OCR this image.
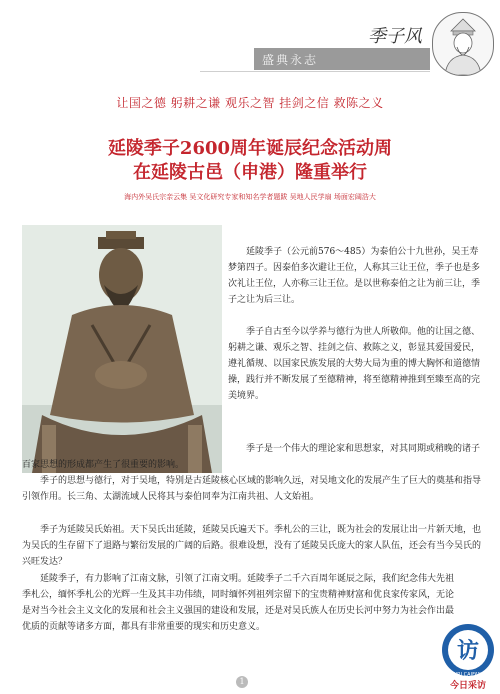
季子风
盛典永志
让国之德 躬耕之谦 观乐之智 挂剑之信 救陈之义
延陵季子2600周年诞辰纪念活动周
在延陵古邑（申港）隆重举行
海内外吴氏宗亲云集 吴文化研究专家和知名学者题跋 吴地人民学扇 场面宏阔浩大
延陵季子（公元前576～485）为泰伯公十九世孙，吴王寿梦第四子。因泰伯多次避让王位，人称其三让王位，季子也是多次礼让王位，人亦称三让王位。是以世称泰伯之让为前三让，季子之让为后三让。
季子自古至今以学养与德行为世人所敬仰。他的让国之德、躬耕之谦、观乐之智、挂剑之信、救陈之义，彰显其爱国爱民，遵礼循规、以国家民族发展的大势大局为重的博大胸怀和道德情操，践行并不断发展了至德精神，将至德精神推到至臻至高的完美境界。
季子是一个伟大的理论家和思想家，对其同期或稍晚的诸子百家思想的形成都产生了很重要的影响。
季子的思想与德行，对于吴地，特别是古延陵核心区域的影响久远，对吴地文化的发展产生了巨大的奠基和指导引领作用。长三角、太湖流域人民将其与泰伯同奉为江南共祖、人文始祖。
季子为延陵吴氏始祖。天下吴氏出延陵，延陵吴氏遍天下。季札公的三让，既为社会的发展让出一片新天地，也为吴氏的生存留下了退路与繁衍发展的广阔的后路。很难设想，没有了延陵吴氏庞大的家人队伍，还会有当今吴氏的兴旺发达？
延陵季子，有力影响了江南文脉，引领了江南文明。延陵季子二千六百周年诞辰之际，我们纪念伟大先祖季札公，缅怀季札公的光辉一生及其丰功伟绩，同时缅怀列祖列宗留下的宝贵精神财富和优良家传家风，无论是对当今社会主义文化的发展和社会主义强国的建设和发展，还是对吴氏族人在历史长河中努力为社会作出最优质的贡献等诸多方面，都具有非常重要的现实和历史意义。
1
访
JINRI CAIFANG
今日采访
